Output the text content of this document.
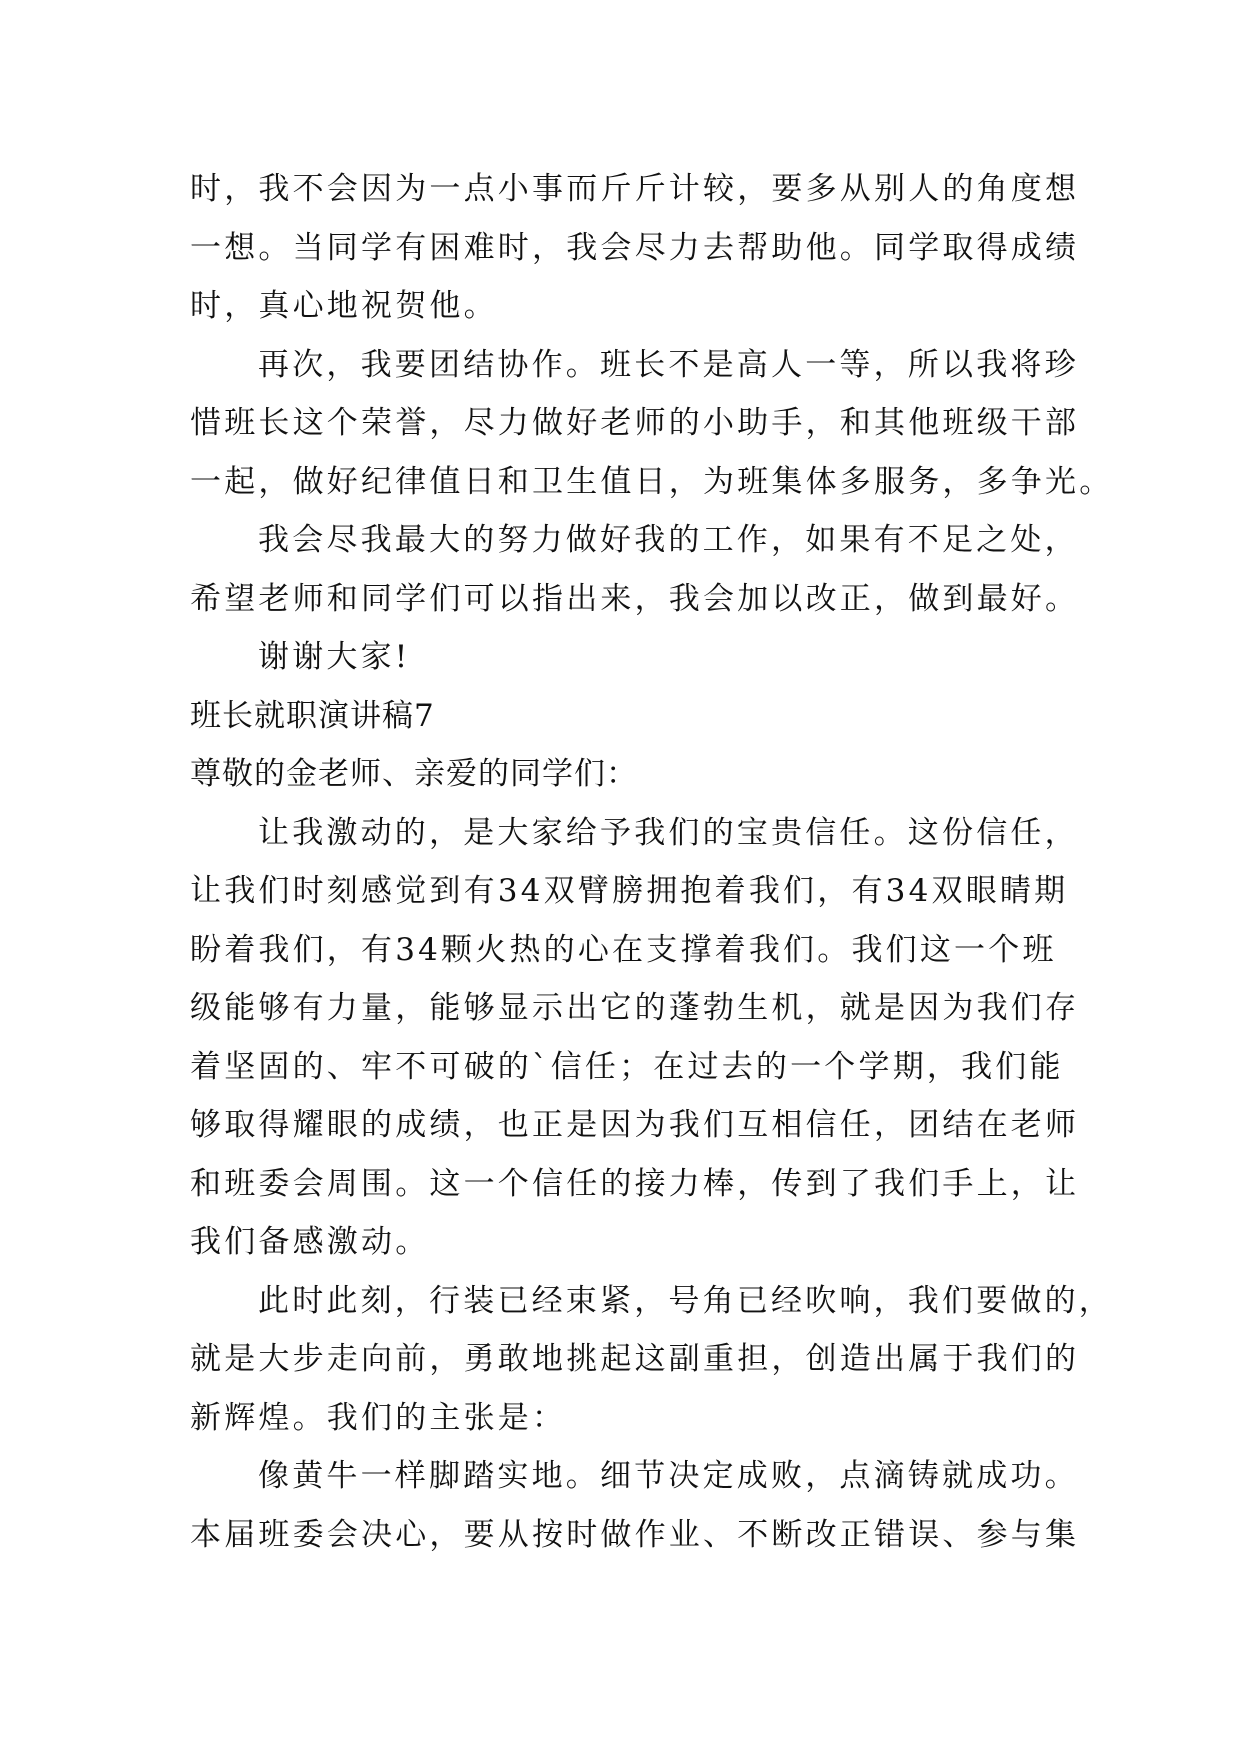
时，我不会因为一点小事而斤斤计较，要多从别人的角度想
一想。当同学有困难时，我会尽力去帮助他。同学取得成绩
时，真心地祝贺他。
再次，我要团结协作。班长不是高人一等，所以我将珍
惜班长这个荣誉，尽力做好老师的小助手，和其他班级干部
一起，做好纪律值日和卫生值日，为班集体多服务，多争光。
我会尽我最大的努力做好我的工作，如果有不足之处，
希望老师和同学们可以指出来，我会加以改正，做到最好。
谢谢大家!
班长就职演讲稿7
尊敬的金老师、亲爱的同学们：
让我激动的，是大家给予我们的宝贵信任。这份信任，
让我们时刻感觉到有34双臂膀拥抱着我们，有34双眼睛期
盼着我们，有34颗火热的心在支撑着我们。我们这一个班
级能够有力量，能够显示出它的蓬勃生机，就是因为我们存
着坚固的、牢不可破的`信任；在过去的一个学期，我们能
够取得耀眼的成绩，也正是因为我们互相信任，团结在老师
和班委会周围。这一个信任的接力棒，传到了我们手上，让
我们备感激动。
此时此刻，行装已经束紧，号角已经吹响，我们要做的，
就是大步走向前，勇敢地挑起这副重担，创造出属于我们的
新辉煌。我们的主张是：
像黄牛一样脚踏实地。细节决定成败，点滴铸就成功。
本届班委会决心，要从按时做作业、不断改正错误、参与集
